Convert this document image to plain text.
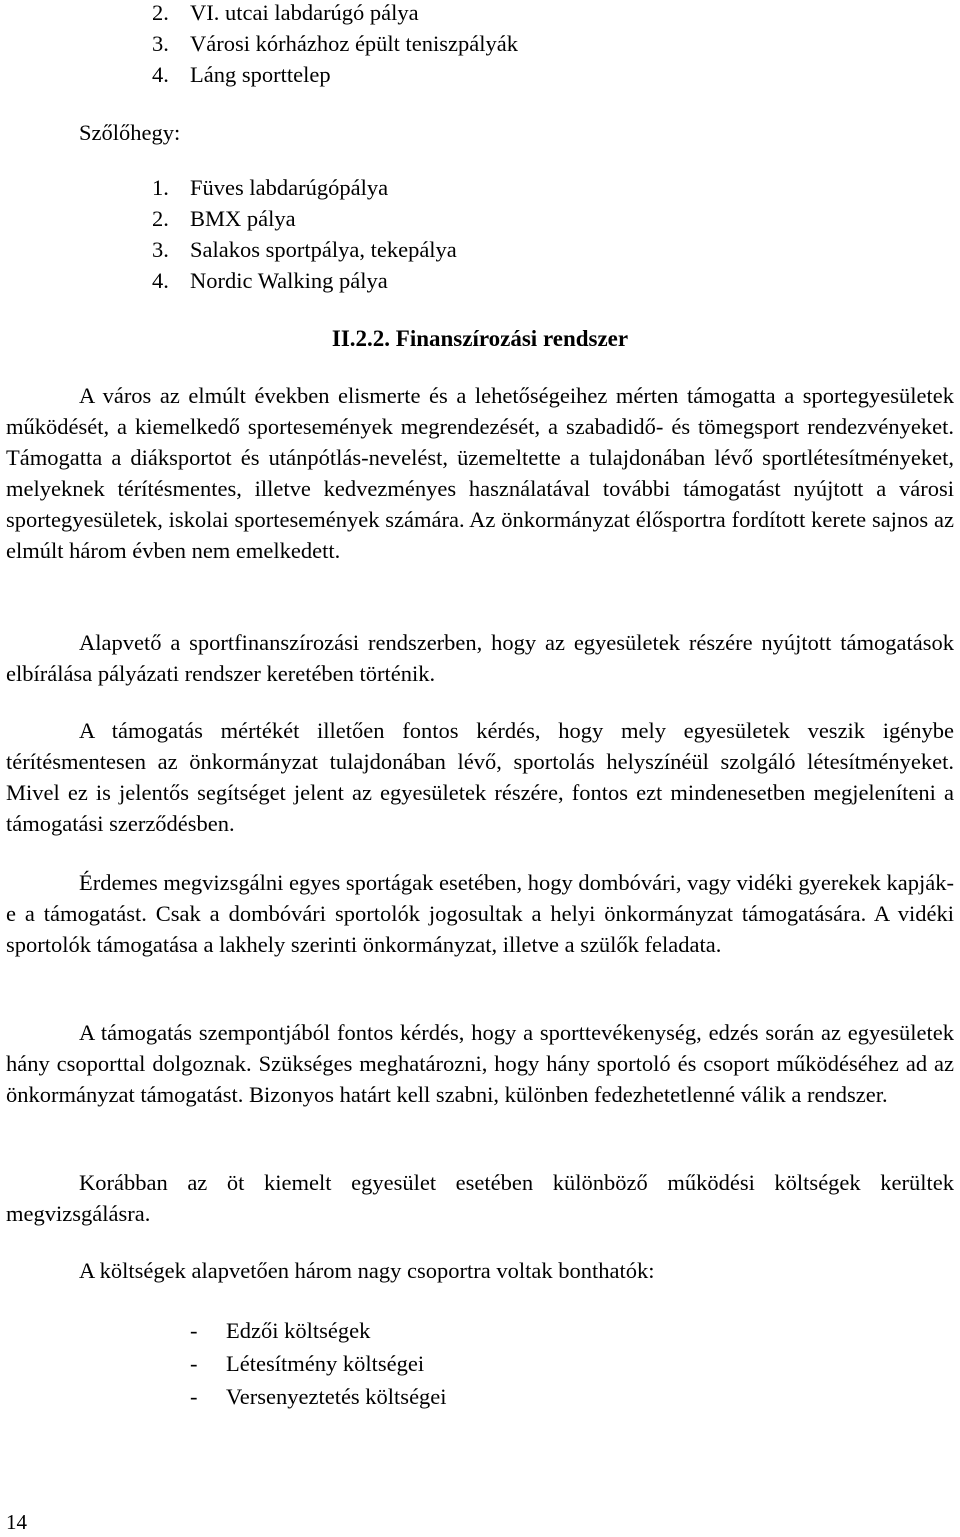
2. VI. utcai labdarúgó pálya
3. Városi kórházhoz épült teniszpályák
4. Láng sporttelep
Szőlőhegy:
1. Füves labdarúgópálya
2. BMX pálya
3. Salakos sportpálya, tekepálya
4. Nordic Walking pálya
II.2.2. Finanszírozási rendszer

A város az elmúlt években elismerte és a lehetőségeihez mérten támogatta a sportegyesületek működését, a kiemelkedő sportesemények megrendezését, a szabadidő- és tömegsport rendezvényeket. Támogatta a diáksportot és utánpótlás-nevelést, üzemeltette a tulajdonában lévő sportlétesítményeket, melyeknek térítésmentes, illetve kedvezményes használatával további támogatást nyújtott a városi sportegyesületek, iskolai sportesemények számára. Az önkormányzat élősportra fordított kerete sajnos az elmúlt három évben nem emelkedett.

Alapvető a sportfinanszírozási rendszerben, hogy az egyesületek részére nyújtott támogatások elbírálása pályázati rendszer keretében történik.

A támogatás mértékét illetően fontos kérdés, hogy mely egyesületek veszik igénybe térítésmentesen az önkormányzat tulajdonában lévő, sportolás helyszínéül szolgáló létesítményeket. Mivel ez is jelentős segítséget jelent az egyesületek részére, fontos ezt mindenesetben megjeleníteni a támogatási szerződésben.

Érdemes megvizsgálni egyes sportágak esetében, hogy dombóvári, vagy vidéki gyerekek kapják-e a támogatást. Csak a dombóvári sportolók jogosultak a helyi önkormányzat támogatására. A vidéki sportolók támogatása a lakhely szerinti önkormányzat, illetve a szülők feladata.

A támogatás szempontjából fontos kérdés, hogy a sporttevékenység, edzés során az egyesületek hány csoporttal dolgoznak. Szükséges meghatározni, hogy hány sportoló és csoport működéséhez ad az önkormányzat támogatást. Bizonyos határt kell szabni, különben fedezhetetlenné válik a rendszer.

Korábban az öt kiemelt egyesület esetében különböző működési költségek kerültek megvizsgálásra.

A költségek alapvetően három nagy csoportra voltak bonthatók:

- Edzői költségek
- Létesítmény költségei
- Versenyeztetés költségei
14
